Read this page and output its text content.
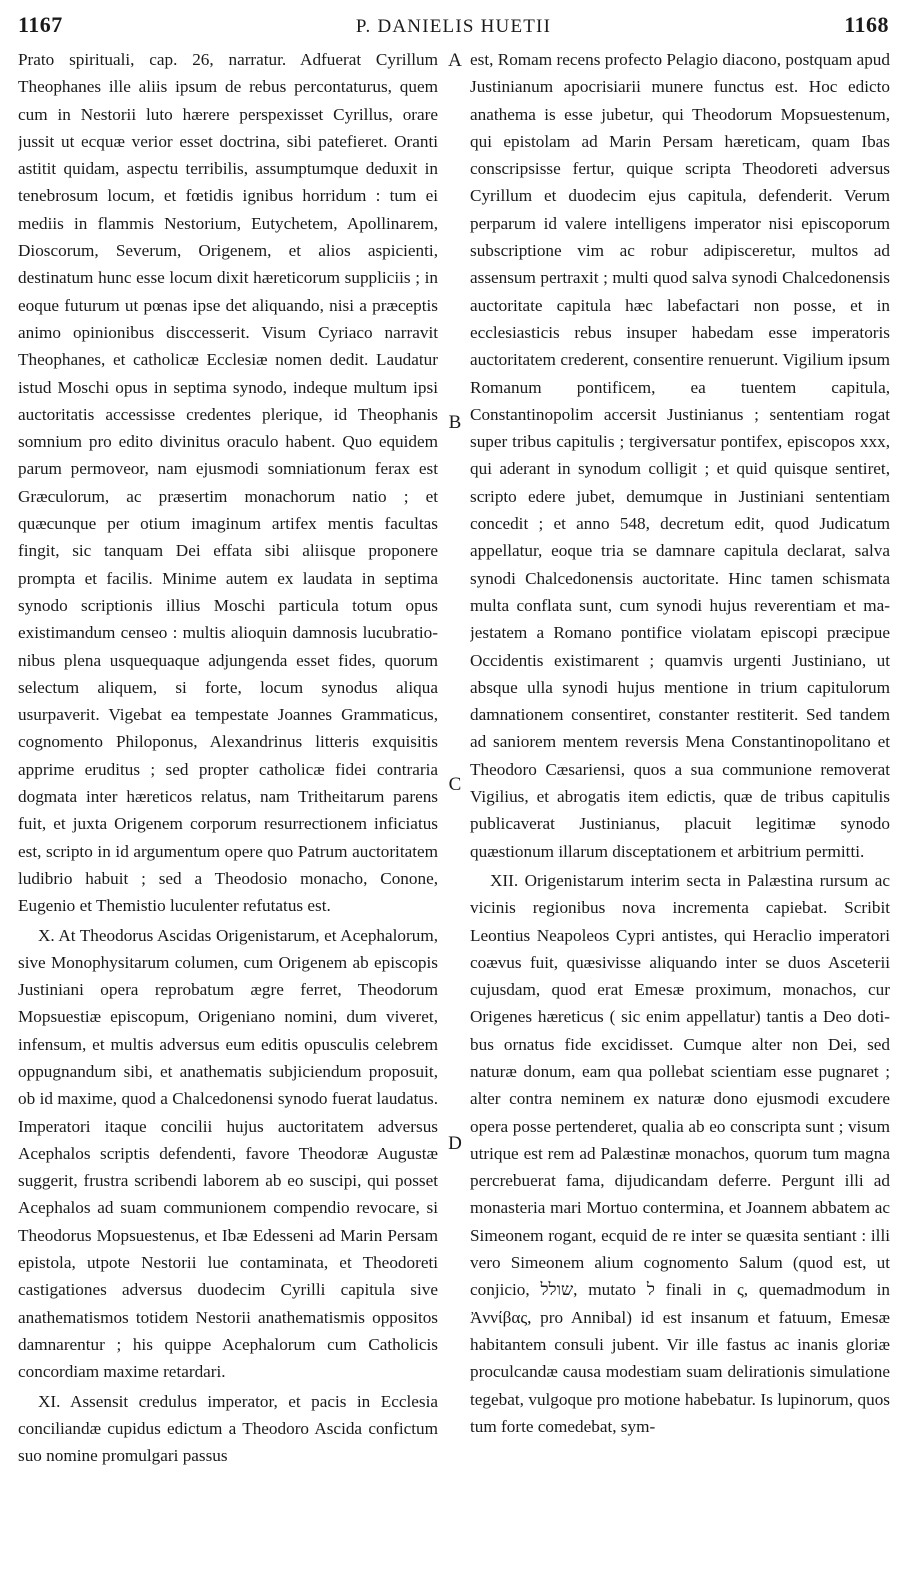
1167	P. DANIELIS HUETII	1168
A
B
C
D

Prato spirituali, cap. 26, narratur. Adfuerat Cyrillum Theophanes ille aliis ipsum de rebus percontaturus, quem cum in Nestorii luto hærere perspexisset Cyrillus, orare jussit ut ecquæ verior esset doctrina, sibi patefieret. Oranti astitit quidam, aspectu terribilis, assumptumque deduxit in tenebrosum locum, et fœtidis ignibus horridum : tum ei mediis in flammis Nestorium, Eutychetem, Apollinarem, Dioscorum, Severum, Origenem, et alios aspicienti, destinatum hunc esse locum dixit hæreticorum suppliciis ; in eoque futurum ut pœnas ipse det aliquando, nisi a præceptis animo opinionibus disccesserit. Visum Cyriaco narravit Theophanes, et catholicæ Ecclesiæ nomen dedit. Laudatur istud Moschi opus in septima synodo, indeque multum ipsi auctoritatis accessisse credentes plerique, id Theophanis somnium pro edito divinitus oraculo habent. Quo equidem parum permoveor, nam ejusmodi somniationum ferax est Græculorum, ac præsertim monachorum natio ; et quæcunque per otium imaginum artifex mentis facultas fingit, sic tanquam Dei effata sibi aliisque proponere prompta et facilis. Minime autem ex laudata in septima synodo scriptionis illius Moschi particula totum opus existimandum censeo : multis alioquin damnosis lucubrationibus plena usquequaque adjungenda esset fides, quorum selectum aliquem, si forte, locum synodus aliqua usurpaverit. Vigebat ea tempestate Joannes Grammaticus, cognomento Philoponus, Alexandrinus litteris exquisitis apprime eruditus ; sed propter catholicæ fidei contraria dogmata inter hæreticos relatus, nam Tritheitarum parens fuit, et juxta Origenem corporum resurrectionem inficiatus est, scripto in id argumentum opere quo Patrum auctoritatem ludibrio habuit ; sed a Theodosio monacho, Conone, Eugenio et Themistio luculenter refutatus est.

X. At Theodorus Ascidas Origenistarum, et Acephalorum, sive Monophysitarum columen, cum Origenem ab episcopis Justiniani opera reprobatum ægre ferret, Theodorum Mopsuestiæ episcopum, Origeniano nomini, dum viveret, infensum, et multis adversus eum editis opusculis celebrem oppugnandum sibi, et anathematis subjiciendum proposuit, ob id maxime, quod a Chalcedonensi synodo fuerat laudatus. Imperatori itaque concilii hujus auctoritatem adversus Acephalos scriptis defendenti, favore Theodoræ Augustæ suggerit, frustra scribendi laborem ab eo suscipi, qui posset Acephalos ad suam communionem compendio revocare, si Theodorus Mopsuestenus, et Ibæ Edesseni ad Marin Persam epistola, utpote Nestorii lue contaminata, et Theodoreti castigationes adversus duodecim Cyrilli capitula sive anathematismos totidem Nestorii anathematismis oppositos damnarentur ; his quippe Acephalorum cum Catholicis concordiam maxime retardari.

XI. Assensit credulus imperator, et pacis in Ecclesia conciliandæ cupidus edictum a Theodoro Ascida confictum suo nomine promulgari passus

est, Romam recens profecto Pelagio diacono, postquam apud Justinianum apocrisiarii munere functus est. Hoc edicto anathema is esse jubetur, qui Theodorum Mopsuestenum, qui epistolam ad Marin Persam hæreticam, quam Ibas conscripsisse fertur, quique scripta Theodoreti adversus Cyrillum et duodecim ejus capitula, defenderit. Verum perparum id valere intelligens imperator nisi episcoporum subscriptione vim ac robur adipisceretur, multos ad assensum pertraxit ; multi quod salva synodi Chalcedonensis auctoritate capitula hæc labefactari non posse, et in ecclesiasticis rebus insuper habedam esse imperatoris auctoritatem crederent, consentire renuerunt. Vigilium ipsum Romanum pontificem, ea tuentem capitula, Constantinopolim accersit Justinianus ; sententiam rogat super tribus capitulis ; tergiversatur pontifex, episcopos xxx, qui aderant in synodum colligit ; et quid quisque sentiret, scripto edere jubet, demumque in Justiniani sententiam concedit ; et anno 548, decretum edit, quod Judicatum appellatur, eoque tria se damnare capitula declarat, salva synodi Chalcedonensis auctoritate. Hinc tamen schismata multa conflata sunt, cum synodi hujus reverentiam et majestatem a Romano pontifice violatam episcopi præcipue Occidentis existimarent ; quamvis urgenti Justiniano, ut absque ulla synodi hujus mentione in trium capitulorum damnationem consentiret, constanter restiterit. Sed tandem ad saniorem mentem reversis Mena Constantinopolitano et Theodoro Cæsariensi, quos a sua communione removerat Vigilius, et abrogatis item edictis, quæ de tribus capitulis publicaverat Justinianus, placuit legitimæ synodo quæstionum illarum disceptationem et arbitrium permitti.

XII. Origenistarum interim secta in Palæstina rursum ac vicinis regionibus nova incrementa capiebat. Scribit Leontius Neapoleos Cypri antistes, qui Heraclio imperatori coævus fuit, quæsivisse aliquando inter se duos Asceterii cujusdam, quod erat Emesæ proximum, monachos, cur Origenes hæreticus ( sic enim appellatur) tantis a Deo dotibus ornatus fide excidisset. Cumque alter non Dei, sed naturæ donum, eam qua pollebat scientiam esse pugnaret ; alter contra neminem ex naturæ dono ejusmodi excudere opera posse pertenderet, qualia ab eo conscripta sunt ; visum utrique est rem ad Palæstinæ monachos, quorum tum magna percrebuerat fama, dijudicandam deferre. Pergunt illi ad monasteria mari Mortuo contermina, et Joannem abbatem ac Simeonem rogant, ecquid de re inter se quæsita sentiant : illi vero Simeonem alium cognomento Salum (quod est, ut conjicio, שולל, mutato ל finali in ς, quemadmodum in Ἀννίβας, pro Annibal) id est insanum et fatuum, Emesæ habitantem consuli jubent. Vir ille fastus ac inanis gloriæ proculcandæ causa modestiam suam delirationis simulatione tegebat, vulgoque pro motione habebatur. Is lupinorum, quos tum forte comedebat, sym-
